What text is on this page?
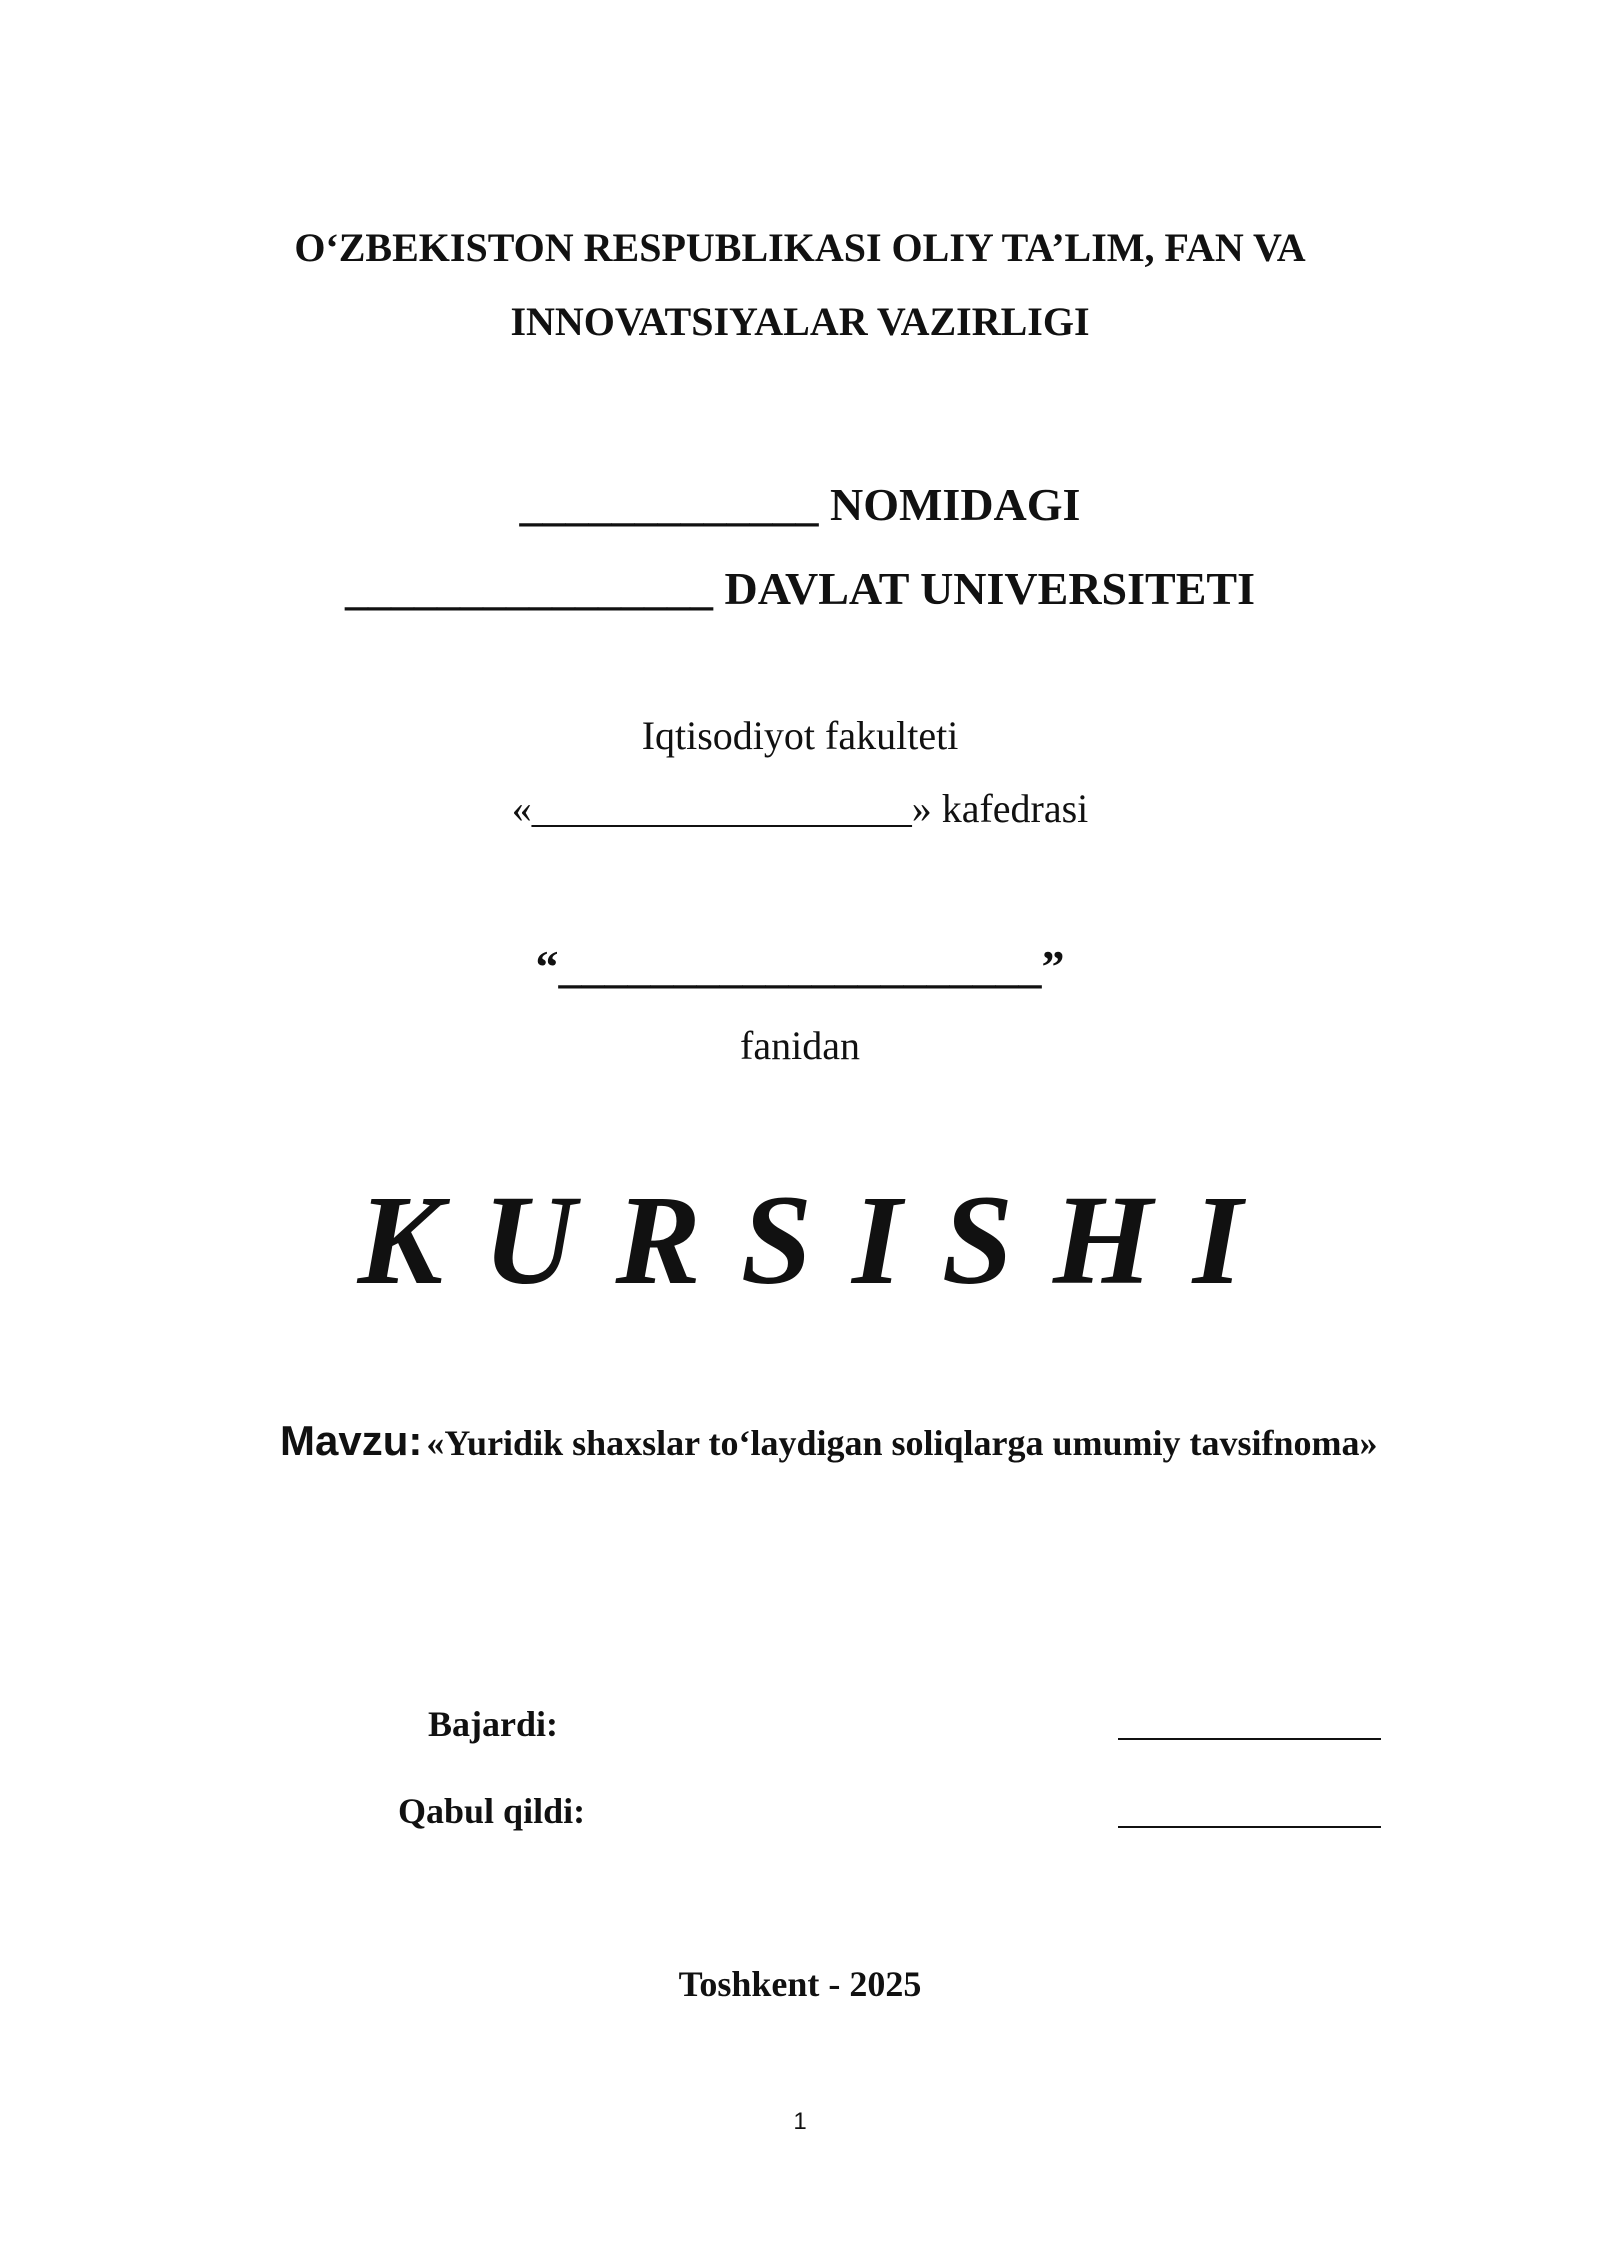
O‘ZBEKISTON RESPUBLIKASI OLIY TA’LIM, FAN VA
INNOVATSIYALAR VAZIRLIGI
_____________ NOMIDAGI
________________ DAVLAT UNIVERSITETI
Iqtisodiyot fakulteti
«___________________» kafedrasi
“_____________________”
fanidan
KURSISHI
Mavzu: «Yuridik shaxslar to‘laydigan soliqlarga umumiy tavsifnoma»
Bajardi:
Qabul qildi:
Toshkent - 2025
1
